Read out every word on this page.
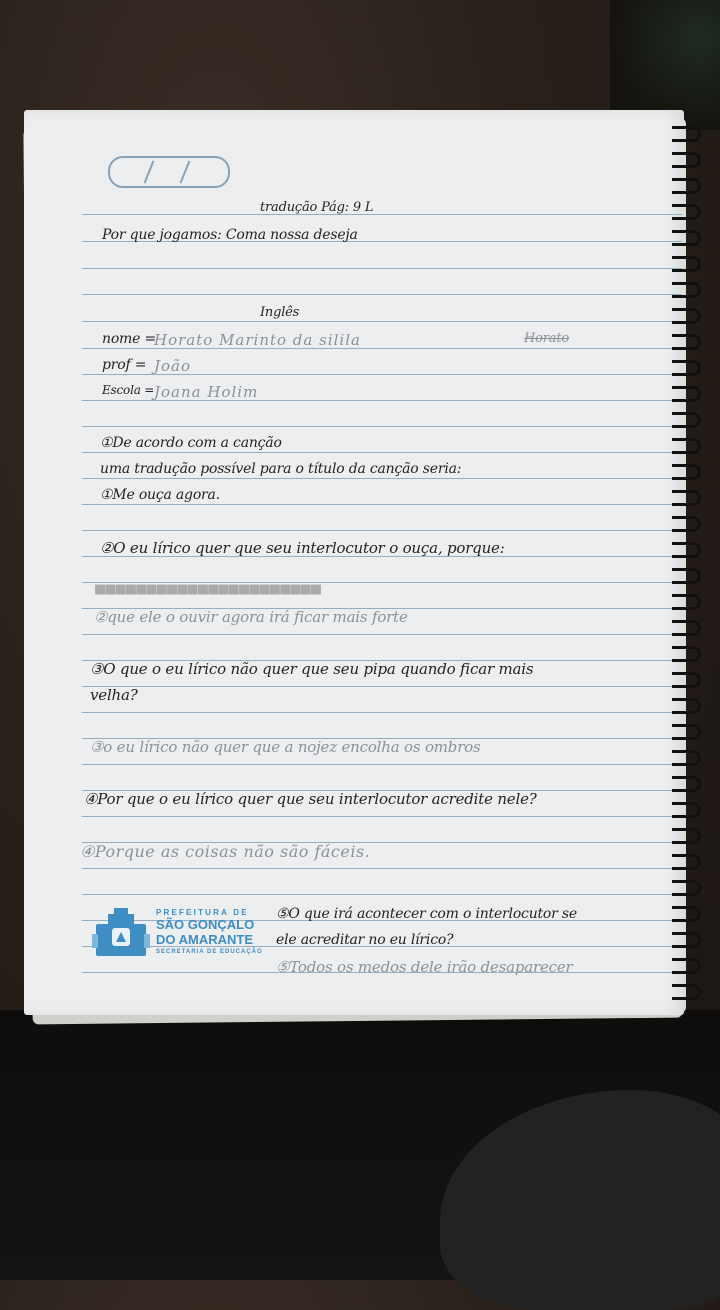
tradução Pág: 9 L
Por que jogamos: Coma nossa deseja
Inglês
nome =
Horato Marinto da silila	Horato
prof = João
Escola = Joana Holim
①De acordo com a canção
uma tradução possível para o título da canção seria:
①Me ouça agora.
②O eu lírico quer que seu interlocutor o ouça, porque:
■■■■■■■■■■■■■■■■■■■■■■
②que ele o ouvir agora irá ficar mais forte
③O que o eu lírico não quer que seu pipa quando ficar mais
velha?
③o eu lírico não quer que a nojez encolha os ombros
④Por que o eu lírico quer que seu interlocutor acredite nele?
④Porque as coisas não são fáceis.
⑤O que irá acontecer com o interlocutor se
ele acreditar no eu lírico?
⑤Todos os medos dele irão desaparecer
PREFEITURA DE
SÃO GONÇALO
DO AMARANTE
SECRETARIA DE EDUCAÇÃO
